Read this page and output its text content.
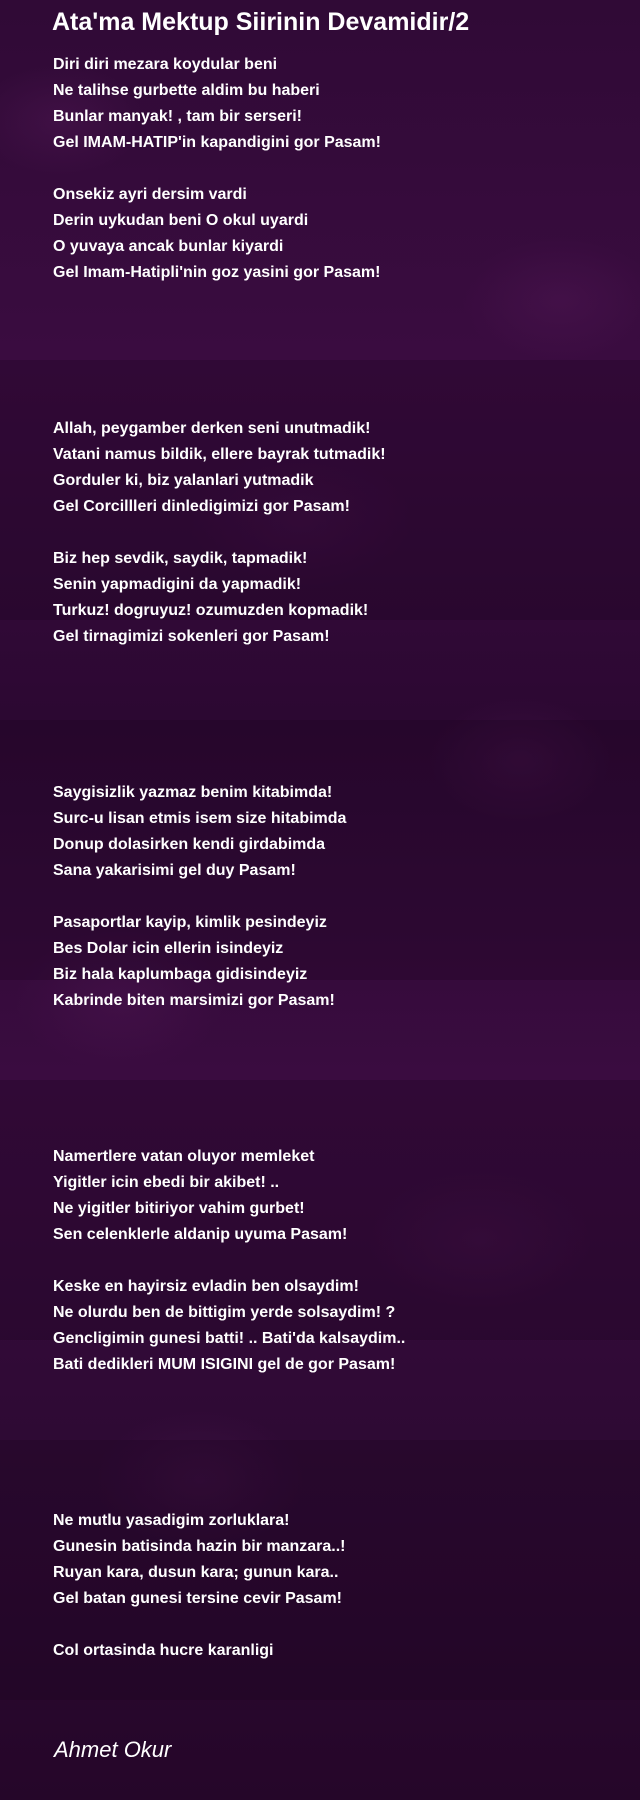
Ata'ma Mektup Siirinin Devamidir/2
Diri diri mezara koydular beni
Ne talihse gurbette aldim bu haberi
Bunlar manyak! , tam bir serseri!
Gel IMAM-HATIP'in kapandigini gor Pasam!
Onsekiz ayri dersim vardi
Derin uykudan beni O okul uyardi
O yuvaya ancak bunlar kiyardi
Gel Imam-Hatipli'nin goz yasini gor Pasam!
Allah, peygamber derken seni unutmadik!
Vatani namus bildik, ellere bayrak tutmadik!
Gorduler ki, biz yalanlari yutmadik
Gel Corcillleri dinledigimizi gor Pasam!
Biz hep sevdik, saydik, tapmadik!
Senin yapmadigini da yapmadik!
Turkuz! dogruyuz! ozumuzden kopmadik!
Gel tirnagimizi sokenleri gor Pasam!
Saygisizlik yazmaz benim kitabimda!
Surc-u lisan etmis isem size hitabimda
Donup dolasirken kendi girdabimda
Sana yakarisimi gel duy Pasam!
Pasaportlar kayip, kimlik pesindeyiz
Bes Dolar icin ellerin isindeyiz
Biz hala kaplumbaga gidisindeyiz
Kabrinde biten marsimizi gor Pasam!
Namertlere vatan oluyor memleket
Yigitler icin ebedi bir akibet! ..
Ne yigitler bitiriyor vahim gurbet!
Sen celenklerle aldanip uyuma Pasam!
Keske en hayirsiz evladin ben olsaydim!
Ne olurdu ben de bittigim yerde solsaydim! ?
Gencligimin gunesi batti! .. Bati'da kalsaydim..
Bati dedikleri MUM ISIGINI gel de gor Pasam!
Ne mutlu yasadigim zorluklara!
Gunesin batisinda hazin bir manzara..!
Ruyan kara, dusun kara; gunun kara..
Gel batan gunesi tersine cevir Pasam!
Col ortasinda hucre karanligi
Ahmet Okur
